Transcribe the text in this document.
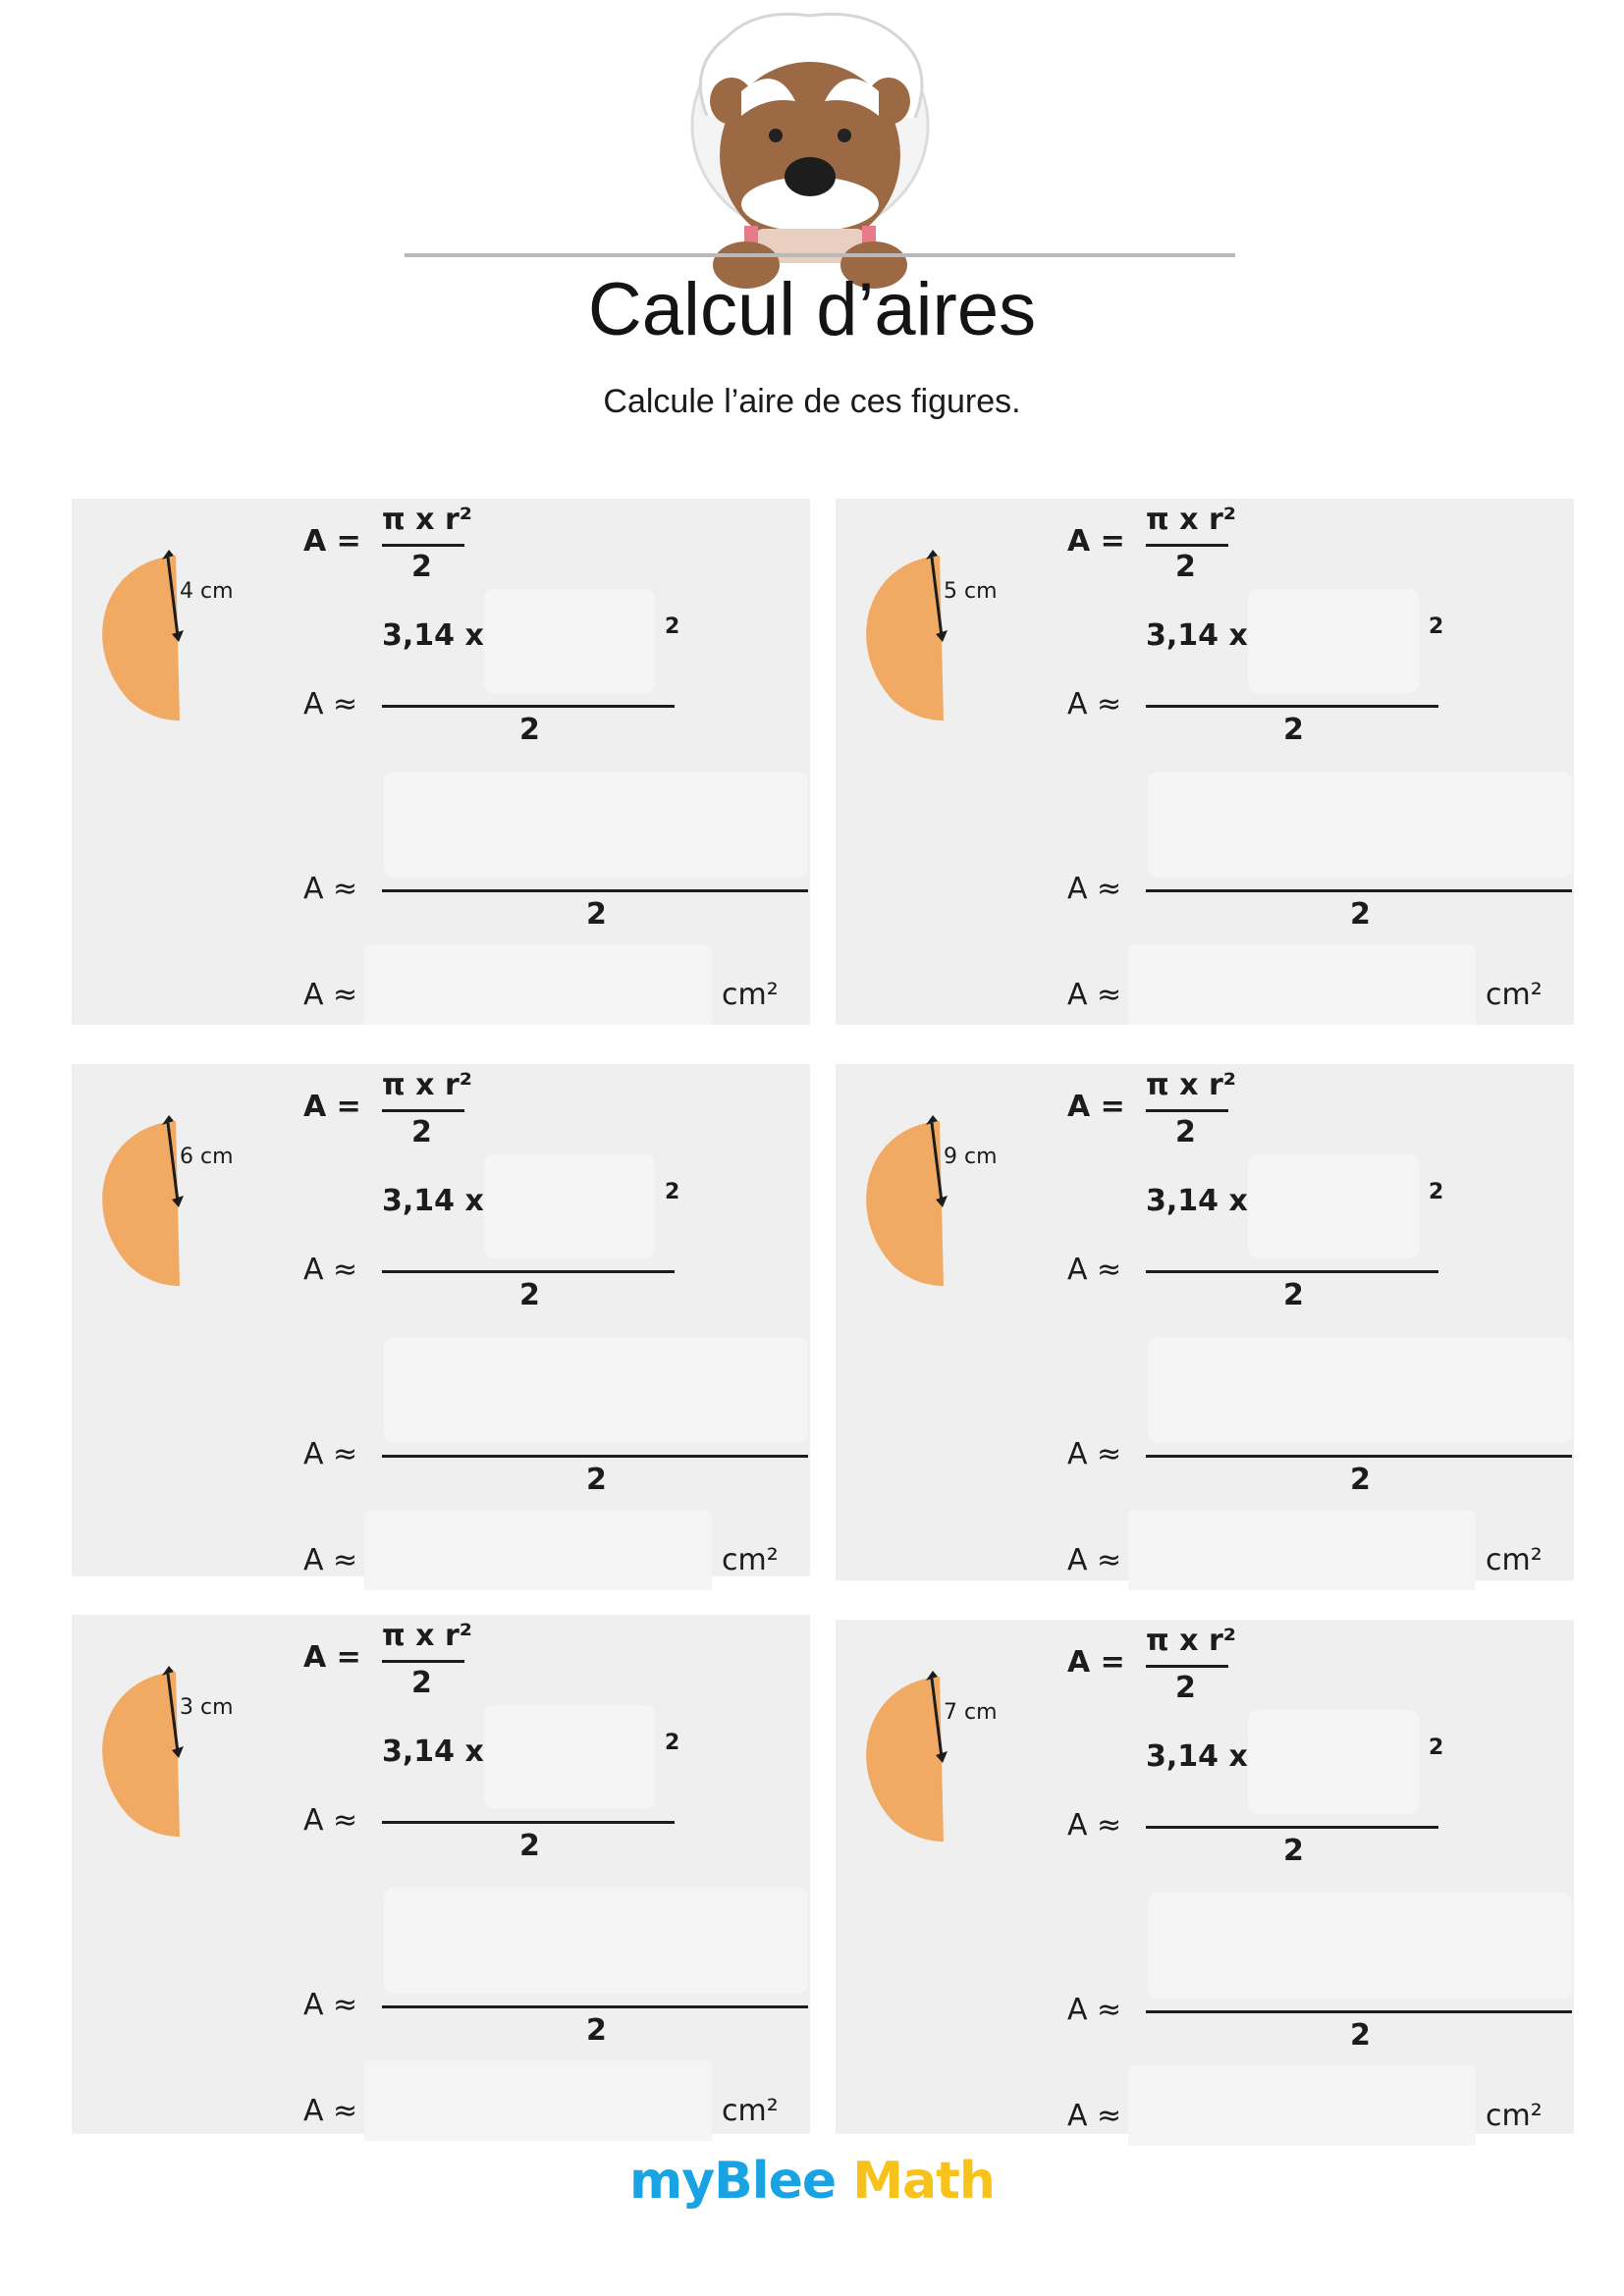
Calcul d’aires
Calcule l’aire de ces figures.
4 cm
A =
π x r²
2
3,14 x	2
A ≈
2
A ≈
2
A ≈	cm²
5 cm
A =
π x r²
2
3,14 x	2
A ≈
2
A ≈
2
A ≈	cm²
6 cm
A =
π x r²
2
3,14 x	2
A ≈
2
A ≈
2
A ≈	cm²
9 cm
A =
π x r²
2
3,14 x	2
A ≈
2
A ≈
2
A ≈	cm²
3 cm
A =
π x r²
2
3,14 x	2
A ≈
2
A ≈
2
A ≈	cm²
7 cm
A =
π x r²
2
3,14 x	2
A ≈
2
A ≈
2
A ≈	cm²
myBlee Math
